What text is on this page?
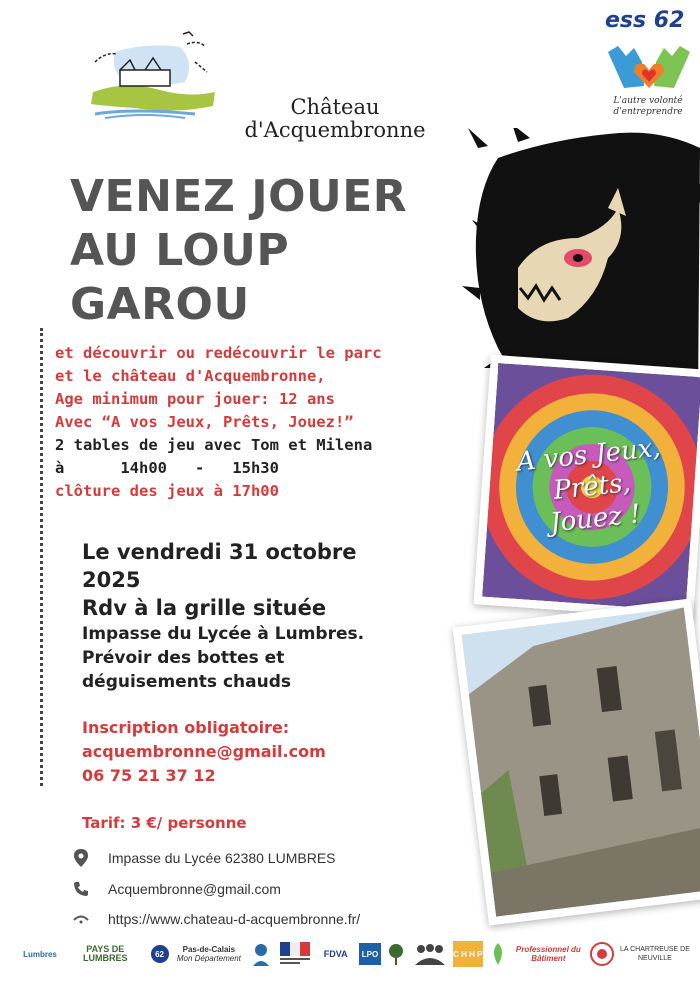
Château
d'Acquembronne
ess 62
L'autre volonté
d'entreprendre
VENEZ JOUER
AU LOUP
GAROU
et découvrir ou redécouvrir le parc
et le château d'Acquembronne,
Age minimum pour jouer: 12 ans
Avec “A vos Jeux, Prêts, Jouez!”
2 tables de jeu avec Tom et Milena
à      14h00   -   15h30
clôture des jeux à 17h00
Le vendredi 31 octobre
2025
Rdv à la grille située
Impasse du Lycée à Lumbres.
Prévoir des bottes et
déguisements chauds
Inscription obligatoire:
acquembronne@gmail.com
06 75 21 37 12
Tarif: 3 €/ personne
Impasse du Lycée 62380 LUMBRES
Acquembronne@gmail.com
https://www.chateau-d-acquembronne.fr/
A vos Jeux,
Prêts,
Jouez !
Lumbres	PAYS DE LUMBRES	62	Pas-de-Calais
Mon Département	FDVA	LPO	C H H P	Professionnel du Bâtiment
LA CHARTREUSE DE NEUVILLE
